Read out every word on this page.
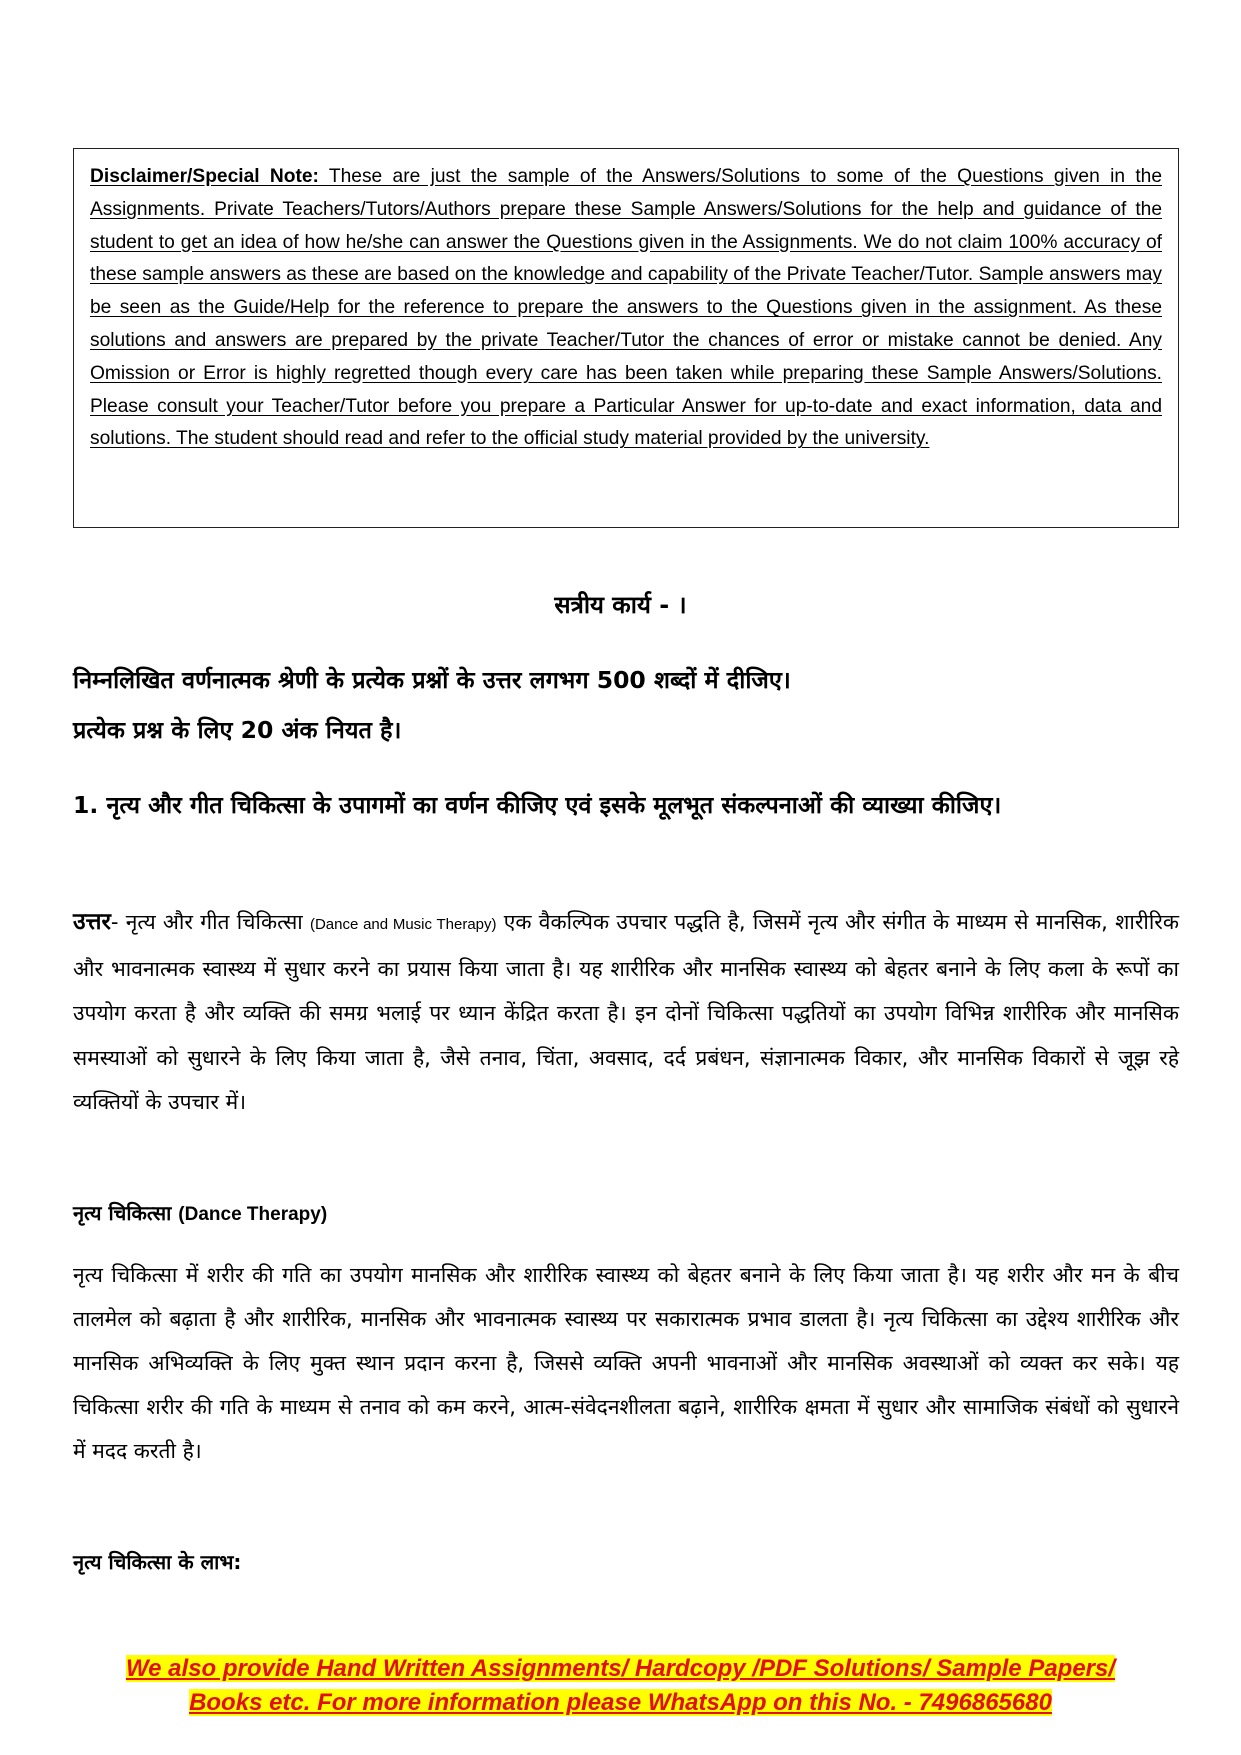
Disclaimer/Special Note: These are just the sample of the Answers/Solutions to some of the Questions given in the Assignments. Private Teachers/Tutors/Authors prepare these Sample Answers/Solutions for the help and guidance of the student to get an idea of how he/she can answer the Questions given in the Assignments. We do not claim 100% accuracy of these sample answers as these are based on the knowledge and capability of the Private Teacher/Tutor. Sample answers may be seen as the Guide/Help for the reference to prepare the answers to the Questions given in the assignment. As these solutions and answers are prepared by the private Teacher/Tutor the chances of error or mistake cannot be denied. Any Omission or Error is highly regretted though every care has been taken while preparing these Sample Answers/Solutions. Please consult your Teacher/Tutor before you prepare a Particular Answer for up-to-date and exact information, data and solutions. The student should read and refer to the official study material provided by the university.
सत्रीय कार्य - ।
निम्नलिखित वर्णनात्मक श्रेणी के प्रत्येक प्रश्नों के उत्तर लगभग 500 शब्दों में दीजिए।
प्रत्येक प्रश्न के लिए 20 अंक नियत है।
1. नृत्य और गीत चिकित्सा के उपागमों का वर्णन कीजिए एवं इसके मूलभूत संकल्पनाओं की व्याख्या कीजिए।
उत्तर- नृत्य और गीत चिकित्सा (Dance and Music Therapy) एक वैकल्पिक उपचार पद्धति है, जिसमें नृत्य और संगीत के माध्यम से मानसिक, शारीरिक और भावनात्मक स्वास्थ्य में सुधार करने का प्रयास किया जाता है। यह शारीरिक और मानसिक स्वास्थ्य को बेहतर बनाने के लिए कला के रूपों का उपयोग करता है और व्यक्ति की समग्र भलाई पर ध्यान केंद्रित करता है। इन दोनों चिकित्सा पद्धतियों का उपयोग विभिन्न शारीरिक और मानसिक समस्याओं को सुधारने के लिए किया जाता है, जैसे तनाव, चिंता, अवसाद, दर्द प्रबंधन, संज्ञानात्मक विकार, और मानसिक विकारों से जूझ रहे व्यक्तियों के उपचार में।
नृत्य चिकित्सा (Dance Therapy)
नृत्य चिकित्सा में शरीर की गति का उपयोग मानसिक और शारीरिक स्वास्थ्य को बेहतर बनाने के लिए किया जाता है। यह शरीर और मन के बीच तालमेल को बढ़ाता है और शारीरिक, मानसिक और भावनात्मक स्वास्थ्य पर सकारात्मक प्रभाव डालता है। नृत्य चिकित्सा का उद्देश्य शारीरिक और मानसिक अभिव्यक्ति के लिए मुक्त स्थान प्रदान करना है, जिससे व्यक्ति अपनी भावनाओं और मानसिक अवस्थाओं को व्यक्त कर सके। यह चिकित्सा शरीर की गति के माध्यम से तनाव को कम करने, आत्म-संवेदनशीलता बढ़ाने, शारीरिक क्षमता में सुधार और सामाजिक संबंधों को सुधारने में मदद करती है।
नृत्य चिकित्सा के लाभ:
We also provide Hand Written Assignments/ Hardcopy /PDF Solutions/ Sample Papers/
Books etc. For more information please WhatsApp on this No. - 7496865680
